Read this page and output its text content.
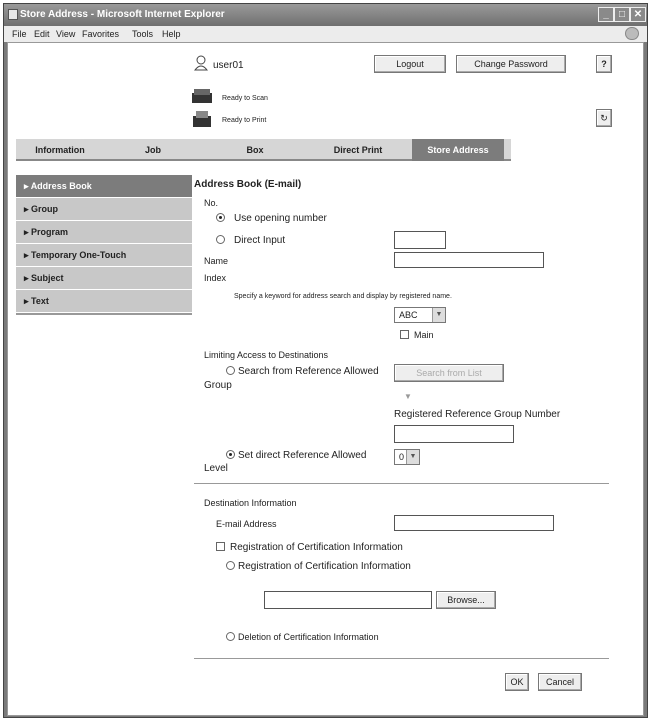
Store Address - Microsoft Internet Explorer	_	□ ✕
File Edit View Favorites Tools Help
user01	Logout	Change Password	?
Ready to Scan
Ready to Print	↻
Information	Job	Box	Direct Print	Store Address
▸ Address Book
▸ Group
▸ Program
▸ Temporary One-Touch
▸ Subject
▸ Text
Address Book (E-mail)
No.
Use opening number
Direct Input
Name
Index
Specify a keyword for address search and display by registered name.
ABC	▼
Main
Limiting Access to Destinations
Search from Reference Allowed
Group
Search from List
▼
Registered Reference Group Number
Set direct Reference Allowed
Level
0 ▼
Destination Information
E-mail Address
Registration of Certification Information
Registration of Certification Information
Browse...
Deletion of Certification Information
OK	Cancel
